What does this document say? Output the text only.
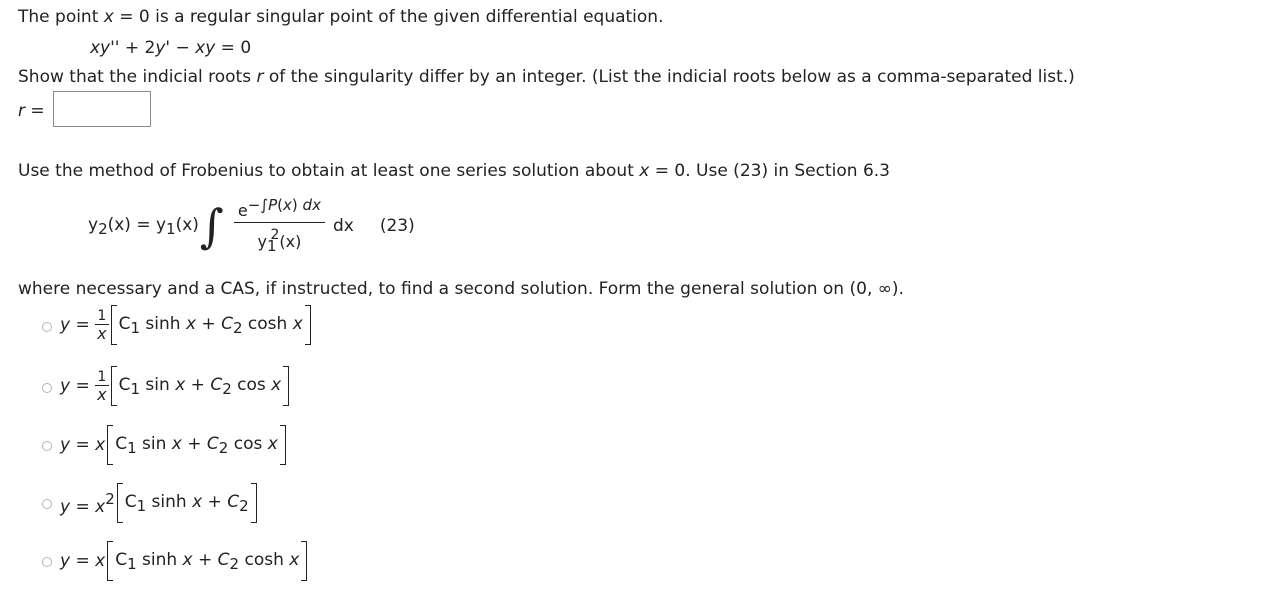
The point x = 0 is a regular singular point of the given differential equation.
xy'' + 2y' − xy = 0
Show that the indicial roots r of the singularity differ by an integer. (List the indicial roots below as a comma-separated list.)
r =
Use the method of Frobenius to obtain at least one series solution about x = 0. Use (23) in Section 6.3
y2(x) = y1(x) ∫ $\frac{e-\int P(x) dx}{y12(x)}$ dx (23)
where necessary and a CAS, if instructed, to find a second solution. Form the general solution on (0, ∞).
$y = \frac{1}{x} C1$ sinh x + C2 cosh x
$y = \frac{1}{x} C1$ sin x + C2 cos x
y = x C1 sin x + C2 cos x
y = x2 C1 sinh x + C2
y = x C1 sinh x + C2 cosh x
